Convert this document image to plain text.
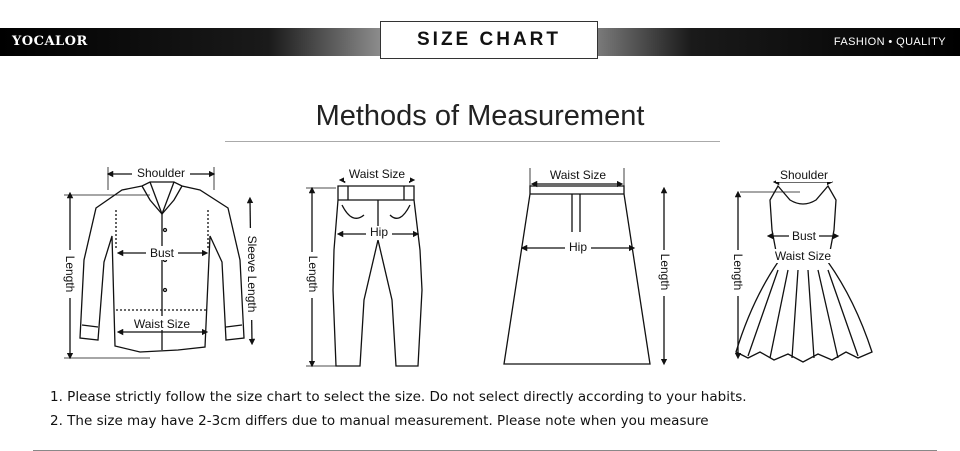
YOCALOR	SIZE CHART	FASHION • QUALITY
Methods of Measurement
Shoulder
Bust
Waist Size
Length	Sleeve Length
Waist Size
Hip
Length
Waist Size
Hip
Length
Shoulder
Bust
Waist Size
Length
1. Please strictly follow the size chart to select the size. Do not select directly according to your habits.
2. The size may have 2-3cm differs due to manual measurement. Please note when you measure
